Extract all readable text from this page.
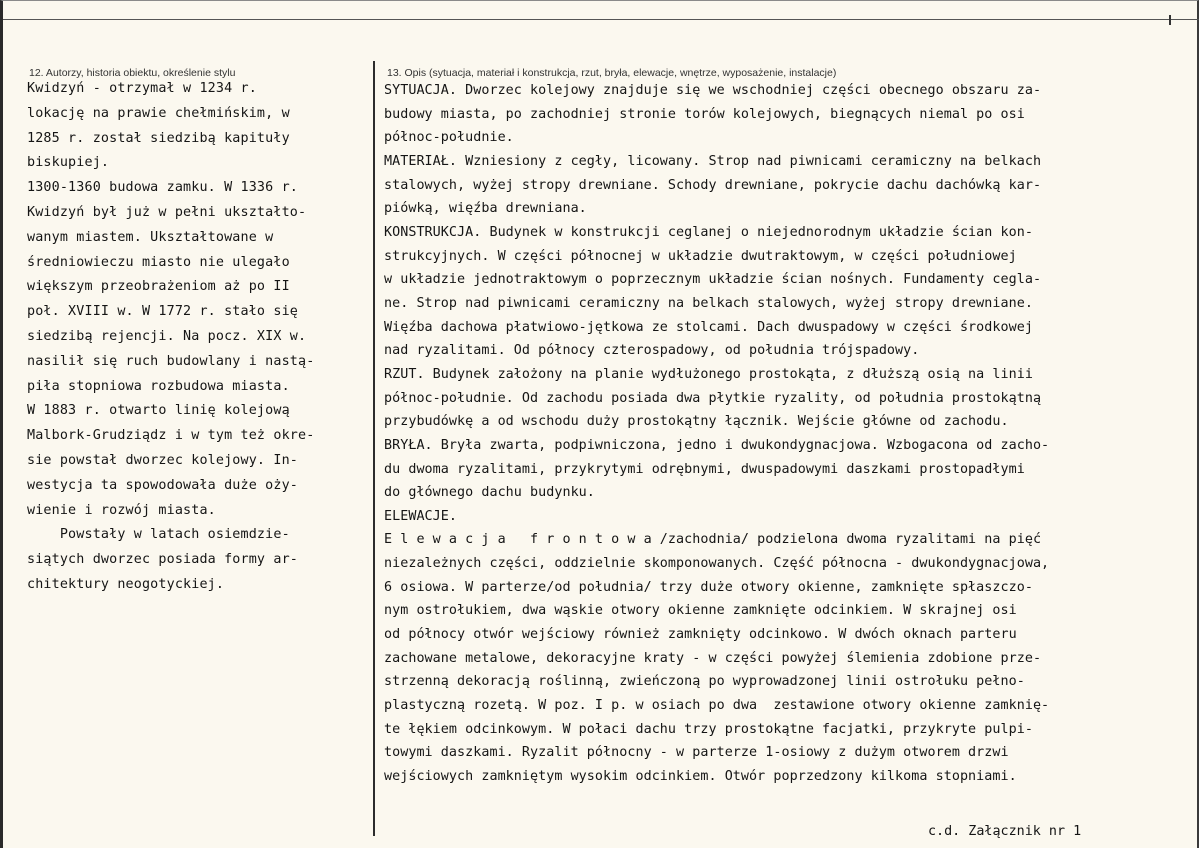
12. Autorzy, historia obiektu, określenie stylu	13. Opis (sytuacja, materiał i konstrukcja, rzut, bryła, elewacje, wnętrze, wyposażenie, instalacje)
Kwidzyń - otrzymał w 1234 r.
lokację na prawie chełmińskim, w
1285 r. został siedzibą kapituły
biskupiej.
1300-1360 budowa zamku. W 1336 r.
Kwidzyń był już w pełni ukształto-
wanym miastem. Ukształtowane w
średniowieczu miasto nie ulegało
większym przeobrażeniom aż po II
poł. XVIII w. W 1772 r. stało się
siedzibą rejencji. Na pocz. XIX w.
nasilił się ruch budowlany i nastą-
piła stopniowa rozbudowa miasta.
W 1883 r. otwarto linię kolejową
Malbork-Grudziądz i w tym też okre-
sie powstał dworzec kolejowy. In-
westycja ta spowodowała duże oży-
wienie i rozwój miasta.
Powstały w latach osiemdzie-
siątych dworzec posiada formy ar-
chitektury neogotyckiej.
SYTUACJA. Dworzec kolejowy znajduje się we wschodniej części obecnego obszaru za-
budowy miasta, po zachodniej stronie torów kolejowych, biegnących niemal po osi
północ-południe.
MATERIAŁ. Wzniesiony z cegły, licowany. Strop nad piwnicami ceramiczny na belkach
stalowych, wyżej stropy drewniane. Schody drewniane, pokrycie dachu dachówką kar-
piówką, więźba drewniana.
KONSTRUKCJA. Budynek w konstrukcji ceglanej o niejednorodnym układzie ścian kon-
strukcyjnych. W części północnej w układzie dwutraktowym, w części południowej
w układzie jednotraktowym o poprzecznym układzie ścian nośnych. Fundamenty cegla-
ne. Strop nad piwnicami ceramiczny na belkach stalowych, wyżej stropy drewniane.
Więźba dachowa płatwiowo-jętkowa ze stolcami. Dach dwuspadowy w części środkowej
nad ryzalitami. Od północy czterospadowy, od południa trójspadowy.
RZUT. Budynek założony na planie wydłużonego prostokąta, z dłuższą osią na linii
północ-południe. Od zachodu posiada dwa płytkie ryzality, od południa prostokątną
przybudówkę a od wschodu duży prostokątny łącznik. Wejście główne od zachodu.
BRYŁA. Bryła zwarta, podpiwniczona, jedno i dwukondygnacjowa. Wzbogacona od zacho-
du dwoma ryzalitami, przykrytymi odrębnymi, dwuspadowymi daszkami prostopadłymi
do głównego dachu budynku.
ELEWACJE.
E l e w a c j a   f r o n t o w a /zachodnia/ podzielona dwoma ryzalitami na pięć
niezależnych części, oddzielnie skomponowanych. Część północna - dwukondygnacjowa,
6 osiowa. W parterze/od południa/ trzy duże otwory okienne, zamknięte spłaszczo-
nym ostrołukiem, dwa wąskie otwory okienne zamknięte odcinkiem. W skrajnej osi
od północy otwór wejściowy również zamknięty odcinkowo. W dwóch oknach parteru
zachowane metalowe, dekoracyjne kraty - w części powyżej ślemienia zdobione prze-
strzenną dekoracją roślinną, zwieńczoną po wyprowadzonej linii ostrołuku pełno-
plastyczną rozetą. W poz. I p. w osiach po dwa  zestawione otwory okienne zamknię-
te łękiem odcinkowym. W połaci dachu trzy prostokątne facjatki, przykryte pulpi-
towymi daszkami. Ryzalit północny - w parterze 1-osiowy z dużym otworem drzwi
wejściowych zamkniętym wysokim odcinkiem. Otwór poprzedzony kilkoma stopniami.
c.d. Załącznik nr 1
